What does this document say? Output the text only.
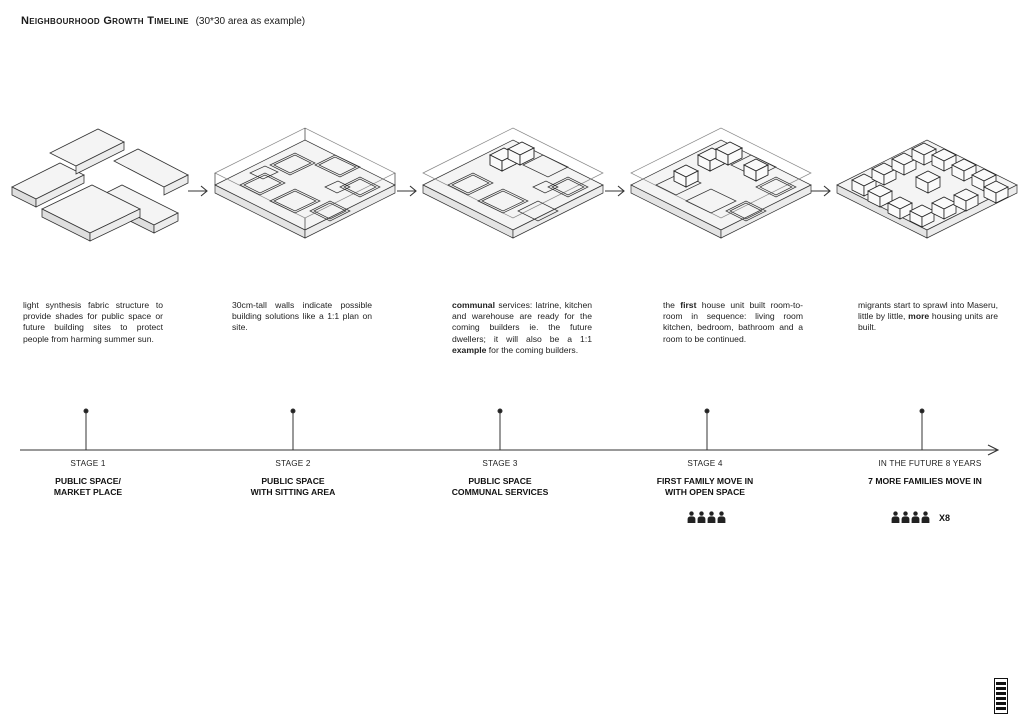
Neighbourhood Growth Timeline (30*30 area as example)
light synthesis fabric structure to provide shades for public space or future building sites to protect people from harming summer sun.
30cm-tall walls indicate possible building solutions like a 1:1 plan on site.
communal services: latrine, kitchen and warehouse are ready for the coming builders ie. the future dwellers; it will also be a 1:1 example for the coming builders.
the first house unit built room-to-room in sequence: living room kitchen, bedroom, bathroom and a room to be continued.
migrants start to sprawl into Maseru, little by little, more housing units are built.
STAGE 1	STAGE 2	STAGE 3	STAGE 4	IN THE FUTURE 8 YEARS
PUBLIC SPACE/
MARKET PLACE
PUBLIC SPACE
WITH SITTING AREA
PUBLIC SPACE
COMMUNAL SERVICES
FIRST FAMILY MOVE IN
WITH OPEN SPACE
7 MORE FAMILIES MOVE IN
X8
